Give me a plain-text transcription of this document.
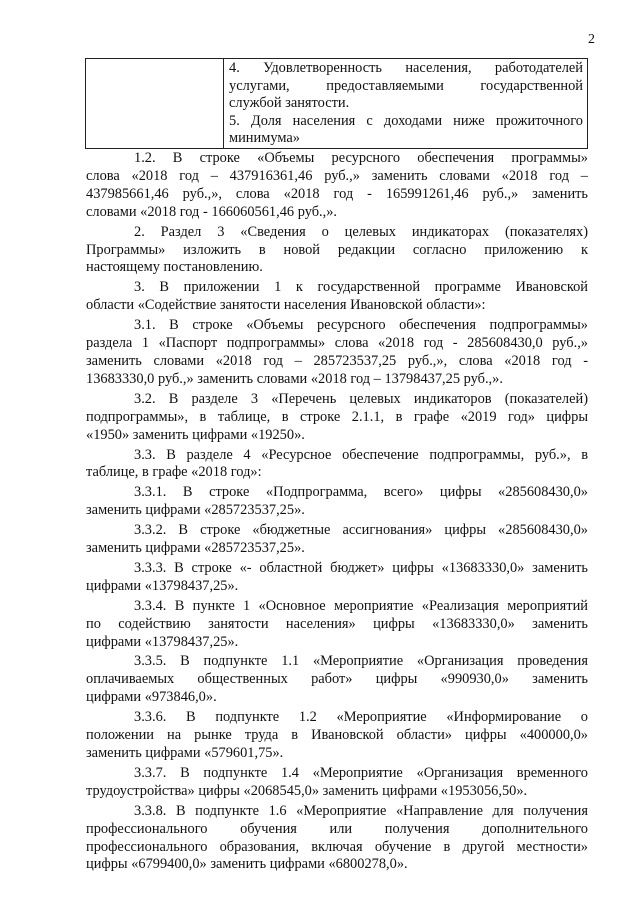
2

4. Удовлетворенность населения, работодателей
услугами, предоставляемыми государственной
службой занятости.
5. Доля населения с доходами ниже прожиточного
минимума»
1.2. В строке «Объемы ресурсного обеспечения программы»
слова «2018 год – 437916361,46 руб.,» заменить словами «2018 год –
437985661,46 руб.,», слова «2018 год - 165991261,46 руб.,» заменить
словами «2018 год - 166060561,46 руб.,».
2. Раздел 3 «Сведения о целевых индикаторах (показателях)
Программы» изложить в новой редакции согласно приложению к
настоящему постановлению.
3. В приложении 1 к государственной программе Ивановской
области «Содействие занятости населения Ивановской области»:
3.1. В строке «Объемы ресурсного обеспечения подпрограммы»
раздела 1 «Паспорт подпрограммы» слова «2018 год - 285608430,0 руб.,»
заменить словами «2018 год – 285723537,25 руб.,», слова «2018 год -
13683330,0 руб.,» заменить словами «2018 год – 13798437,25 руб.,».
3.2. В разделе 3 «Перечень целевых индикаторов (показателей)
подпрограммы», в таблице, в строке 2.1.1, в графе «2019 год» цифры
«1950» заменить цифрами «19250».
3.3. В разделе 4 «Ресурсное обеспечение подпрограммы, руб.», в
таблице, в графе «2018 год»:
3.3.1. В строке «Подпрограмма, всего» цифры «285608430,0»
заменить цифрами «285723537,25».
3.3.2. В строке «бюджетные ассигнования» цифры «285608430,0»
заменить цифрами «285723537,25».
3.3.3. В строке «- областной бюджет» цифры «13683330,0» заменить
цифрами «13798437,25».
3.3.4. В пункте 1 «Основное мероприятие «Реализация мероприятий
по содействию занятости населения» цифры «13683330,0» заменить
цифрами «13798437,25».
3.3.5. В подпункте 1.1 «Мероприятие «Организация проведения
оплачиваемых общественных работ» цифры «990930,0» заменить
цифрами «973846,0».
3.3.6. В подпункте 1.2 «Мероприятие «Информирование о
положении на рынке труда в Ивановской области» цифры «400000,0»
заменить цифрами «579601,75».
3.3.7. В подпункте 1.4 «Мероприятие «Организация временного
трудоустройства» цифры «2068545,0» заменить цифрами «1953056,50».
3.3.8. В подпункте 1.6 «Мероприятие «Направление для получения
профессионального обучения или получения дополнительного
профессионального образования, включая обучение в другой местности»
цифры «6799400,0» заменить цифрами «6800278,0».
